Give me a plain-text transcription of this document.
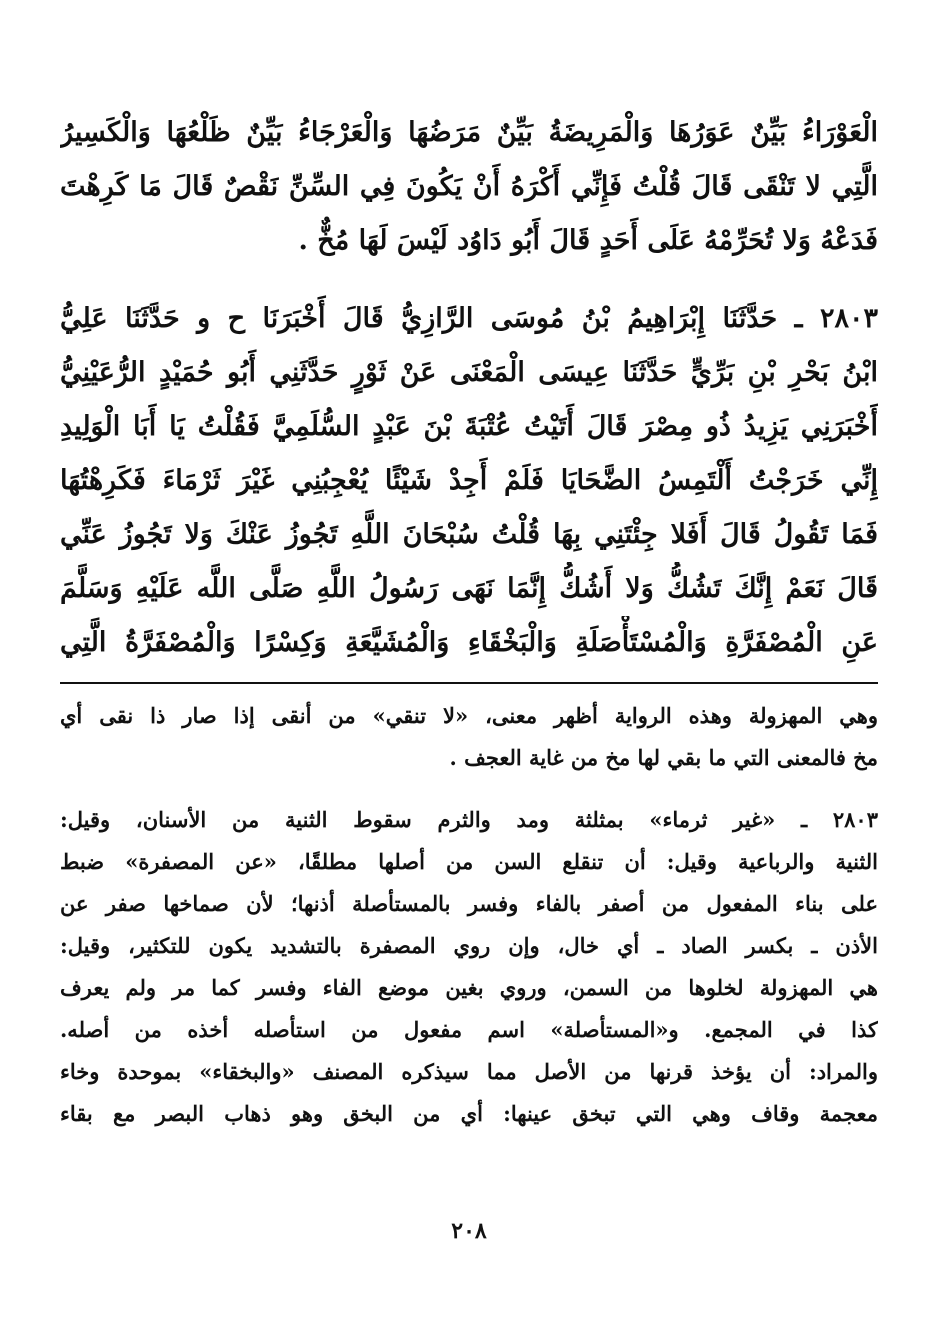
الْعَوْرَاءُ بَيِّنٌ عَوَرُهَا وَالْمَرِيضَةُ بَيِّنٌ مَرَضُهَا وَالْعَرْجَاءُ بَيِّنٌ ظَلْعُهَا وَالْكَسِيرُ
الَّتِي لا تَنْقَى قَالَ قُلْتُ فَإِنِّي أَكْرَهُ أَنْ يَكُونَ فِي السِّنِّ نَقْصٌ قَالَ مَا كَرِهْتَ
فَدَعْهُ وَلا تُحَرِّمْهُ عَلَى أَحَدٍ قَالَ أَبُو دَاوُد لَيْسَ لَهَا مُخٌّ .
٢٨٠٣ ـ حَدَّثَنَا إِبْرَاهِيمُ بْنُ مُوسَى الرَّازِيُّ قَالَ أَخْبَرَنَا ح و حَدَّثَنَا عَلِيُّ
ابْنُ بَحْرِ بْنِ بَرِّيٍّ حَدَّثَنَا عِيسَى الْمَعْنَى عَنْ ثَوْرٍ حَدَّثَنِي أَبُو حُمَيْدٍ الرُّعَيْنِيُّ
أَخْبَرَنِي يَزِيدُ ذُو مِصْرَ قَالَ أَتَيْتُ عُتْبَةَ بْنَ عَبْدٍ السُّلَمِيَّ فَقُلْتُ يَا أَبَا الْوَلِيدِ
إِنِّي خَرَجْتُ أَلْتَمِسُ الضَّحَايَا فَلَمْ أَجِدْ شَيْئًا يُعْجِبُنِي غَيْرَ ثَرْمَاءَ فَكَرِهْتُهَا
فَمَا تَقُولُ قَالَ أَفَلا جِئْتَنِي بِهَا قُلْتُ سُبْحَانَ اللَّهِ تَجُوزُ عَنْكَ وَلا تَجُوزُ عَنِّي
قَالَ نَعَمْ إِنَّكَ تَشُكُّ وَلا أَشُكُّ إِنَّمَا نَهَى رَسُولُ اللَّهِ صَلَّى اللَّه عَلَيْهِ وَسَلَّمَ
عَنِ الْمُصْفَرَّةِ وَالْمُسْتَأْصَلَةِ وَالْبَخْقَاءِ وَالْمُشَيَّعَةِ وَكِسْرًا وَالْمُصْفَرَّةُ الَّتِي
وهي المهزولة وهذه الرواية أظهر معنى، «لا تنقي» من أنقى إذا صار ذا نقى أي
مخ فالمعنى التي ما بقي لها مخ من غاية العجف .
٢٨٠٣ ـ «غير ثرماء» بمثلثة ومد والثرم سقوط الثنية من الأسنان، وقيل:
الثنية والرباعية وقيل: أن تنقلع السن من أصلها مطلقًا، «عن المصفرة» ضبط
على بناء المفعول من أصفر بالفاء وفسر بالمستأصلة أذنها؛ لأن صماخها صفر عن
الأذن ـ بكسر الصاد ـ أي خال، وإن روي المصفرة بالتشديد يكون للتكثير، وقيل:
هي المهزولة لخلوها من السمن، وروي بغين موضع الفاء وفسر كما مر ولم يعرف
كذا في المجمع. و«المستأصلة» اسم مفعول من استأصله أخذه من أصله.
والمراد: أن يؤخذ قرنها من الأصل مما سيذكره المصنف «والبخقاء» بموحدة وخاء
معجمة وقاف وهي التي تبخق عينها: أي من البخق وهو ذهاب البصر مع بقاء
٢٠٨
